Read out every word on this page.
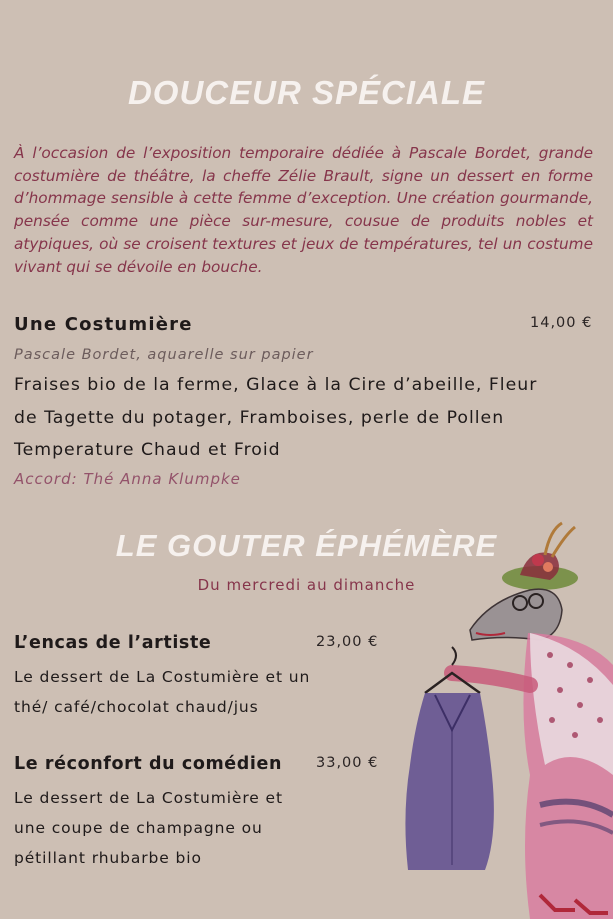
DOUCEUR SPÉCIALE

À l’occasion de l’exposition temporaire dédiée à Pascale Bordet, grande costumière de théâtre, la cheffe Zélie Brault, signe un dessert en forme d’hommage sensible à cette femme d’exception. Une création gourmande, pensée comme une pièce sur-mesure, cousue de produits nobles et atypiques, où se croisent textures et jeux de températures, tel un costume vivant qui se dévoile en bouche.

Une Costumière	14,00 €
Pascale Bordet, aquarelle sur papier
Fraises bio de la ferme, Glace à la Cire d’abeille, Fleur
de Tagette du potager, Framboises, perle de Pollen
Temperature Chaud et Froid
Accord: Thé Anna Klumpke
LE GOUTER ÉPHÉMÈRE
Du mercredi au dimanche
L’encas de l’artiste	23,00 €
Le dessert de La Costumière et un
thé/ café/chocolat chaud/jus
Le réconfort du comédien 33,00 €
Le dessert de La Costumière et
une coupe de champagne ou
pétillant rhubarbe bio
